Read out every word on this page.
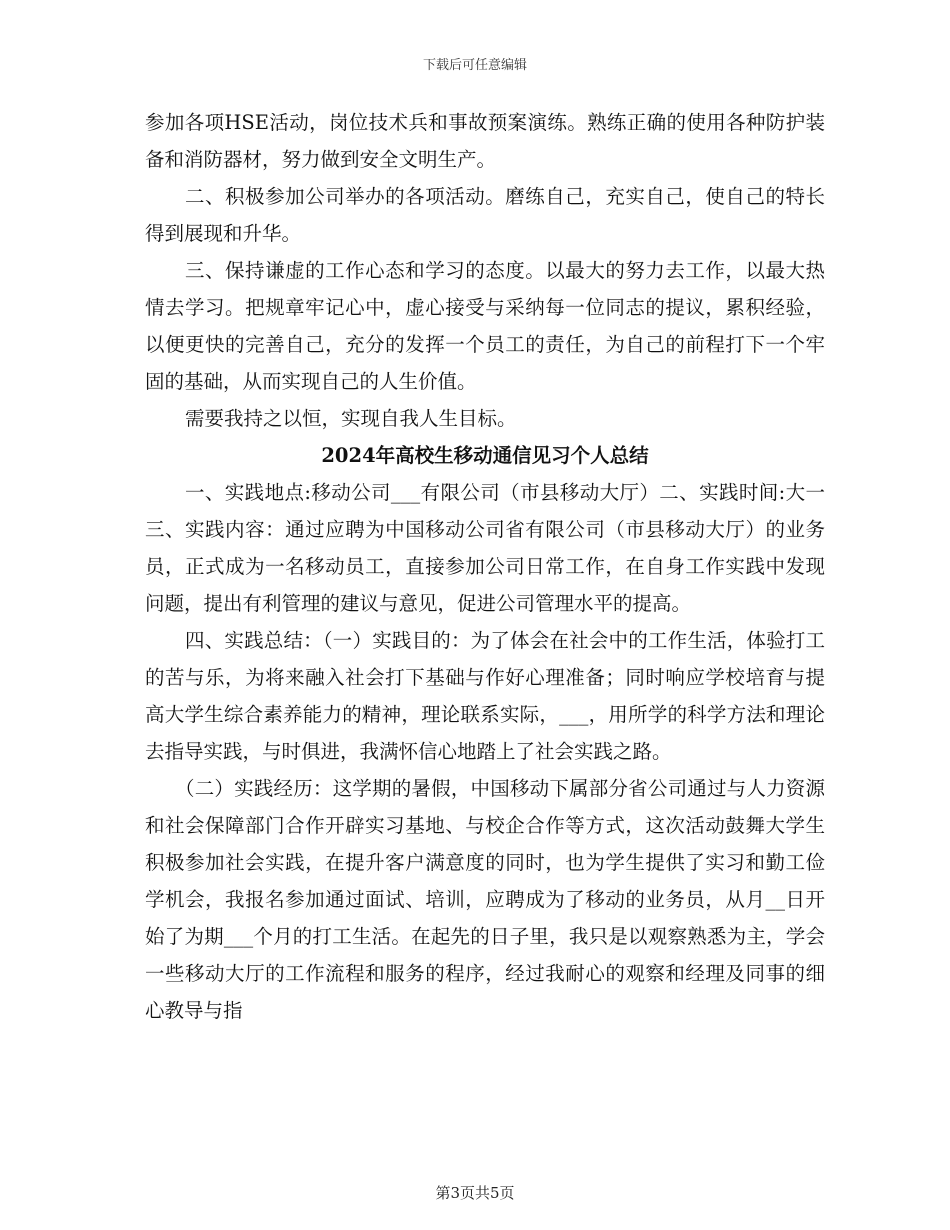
下载后可任意编辑

参加各项HSE活动，岗位技术兵和事故预案演练。熟练正确的使用各种防护装备和消防器材，努力做到安全文明生产。

二、积极参加公司举办的各项活动。磨练自己，充实自己，使自己的特长得到展现和升华。

三、保持谦虚的工作心态和学习的态度。以最大的努力去工作，以最大热情去学习。把规章牢记心中，虚心接受与采纳每一位同志的提议，累积经验，以便更快的完善自己，充分的发挥一个员工的责任，为自己的前程打下一个牢固的基础，从而实现自己的人生价值。

需要我持之以恒，实现自我人生目标。

2024年高校生移动通信见习个人总结

一、实践地点:移动公司___有限公司（市县移动大厅）二、实践时间:大一三、实践内容：通过应聘为中国移动公司省有限公司（市县移动大厅）的业务员，正式成为一名移动员工，直接参加公司日常工作，在自身工作实践中发现问题，提出有利管理的建议与意见，促进公司管理水平的提高。

四、实践总结：（一）实践目的：为了体会在社会中的工作生活，体验打工的苦与乐，为将来融入社会打下基础与作好心理准备；同时响应学校培育与提高大学生综合素养能力的精神，理论联系实际，___，用所学的科学方法和理论去指导实践，与时俱进，我满怀信心地踏上了社会实践之路。

（二）实践经历：这学期的暑假，中国移动下属部分省公司通过与人力资源和社会保障部门合作开辟实习基地、与校企合作等方式，这次活动鼓舞大学生积极参加社会实践，在提升客户满意度的同时，也为学生提供了实习和勤工俭学机会，我报名参加通过面试、培训，应聘成为了移动的业务员，从月__日开始了为期___个月的打工生活。在起先的日子里，我只是以观察熟悉为主，学会一些移动大厅的工作流程和服务的程序，经过我耐心的观察和经理及同事的细心教导与指

第3页共5页
